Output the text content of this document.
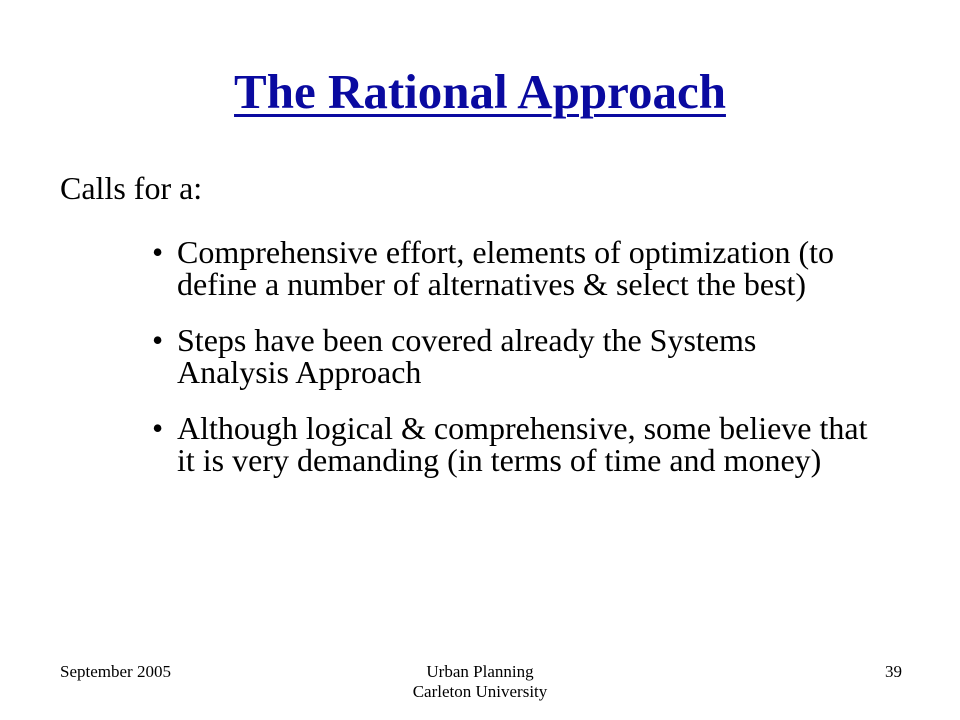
The Rational Approach

Calls for a:

• Comprehensive effort, elements of optimization (to define a number of alternatives & select the best)
• Steps have been covered already the Systems Analysis Approach
• Although logical & comprehensive, some believe that it is very demanding (in terms of time and money)
September 2005	Urban Planning
Carleton University
39
